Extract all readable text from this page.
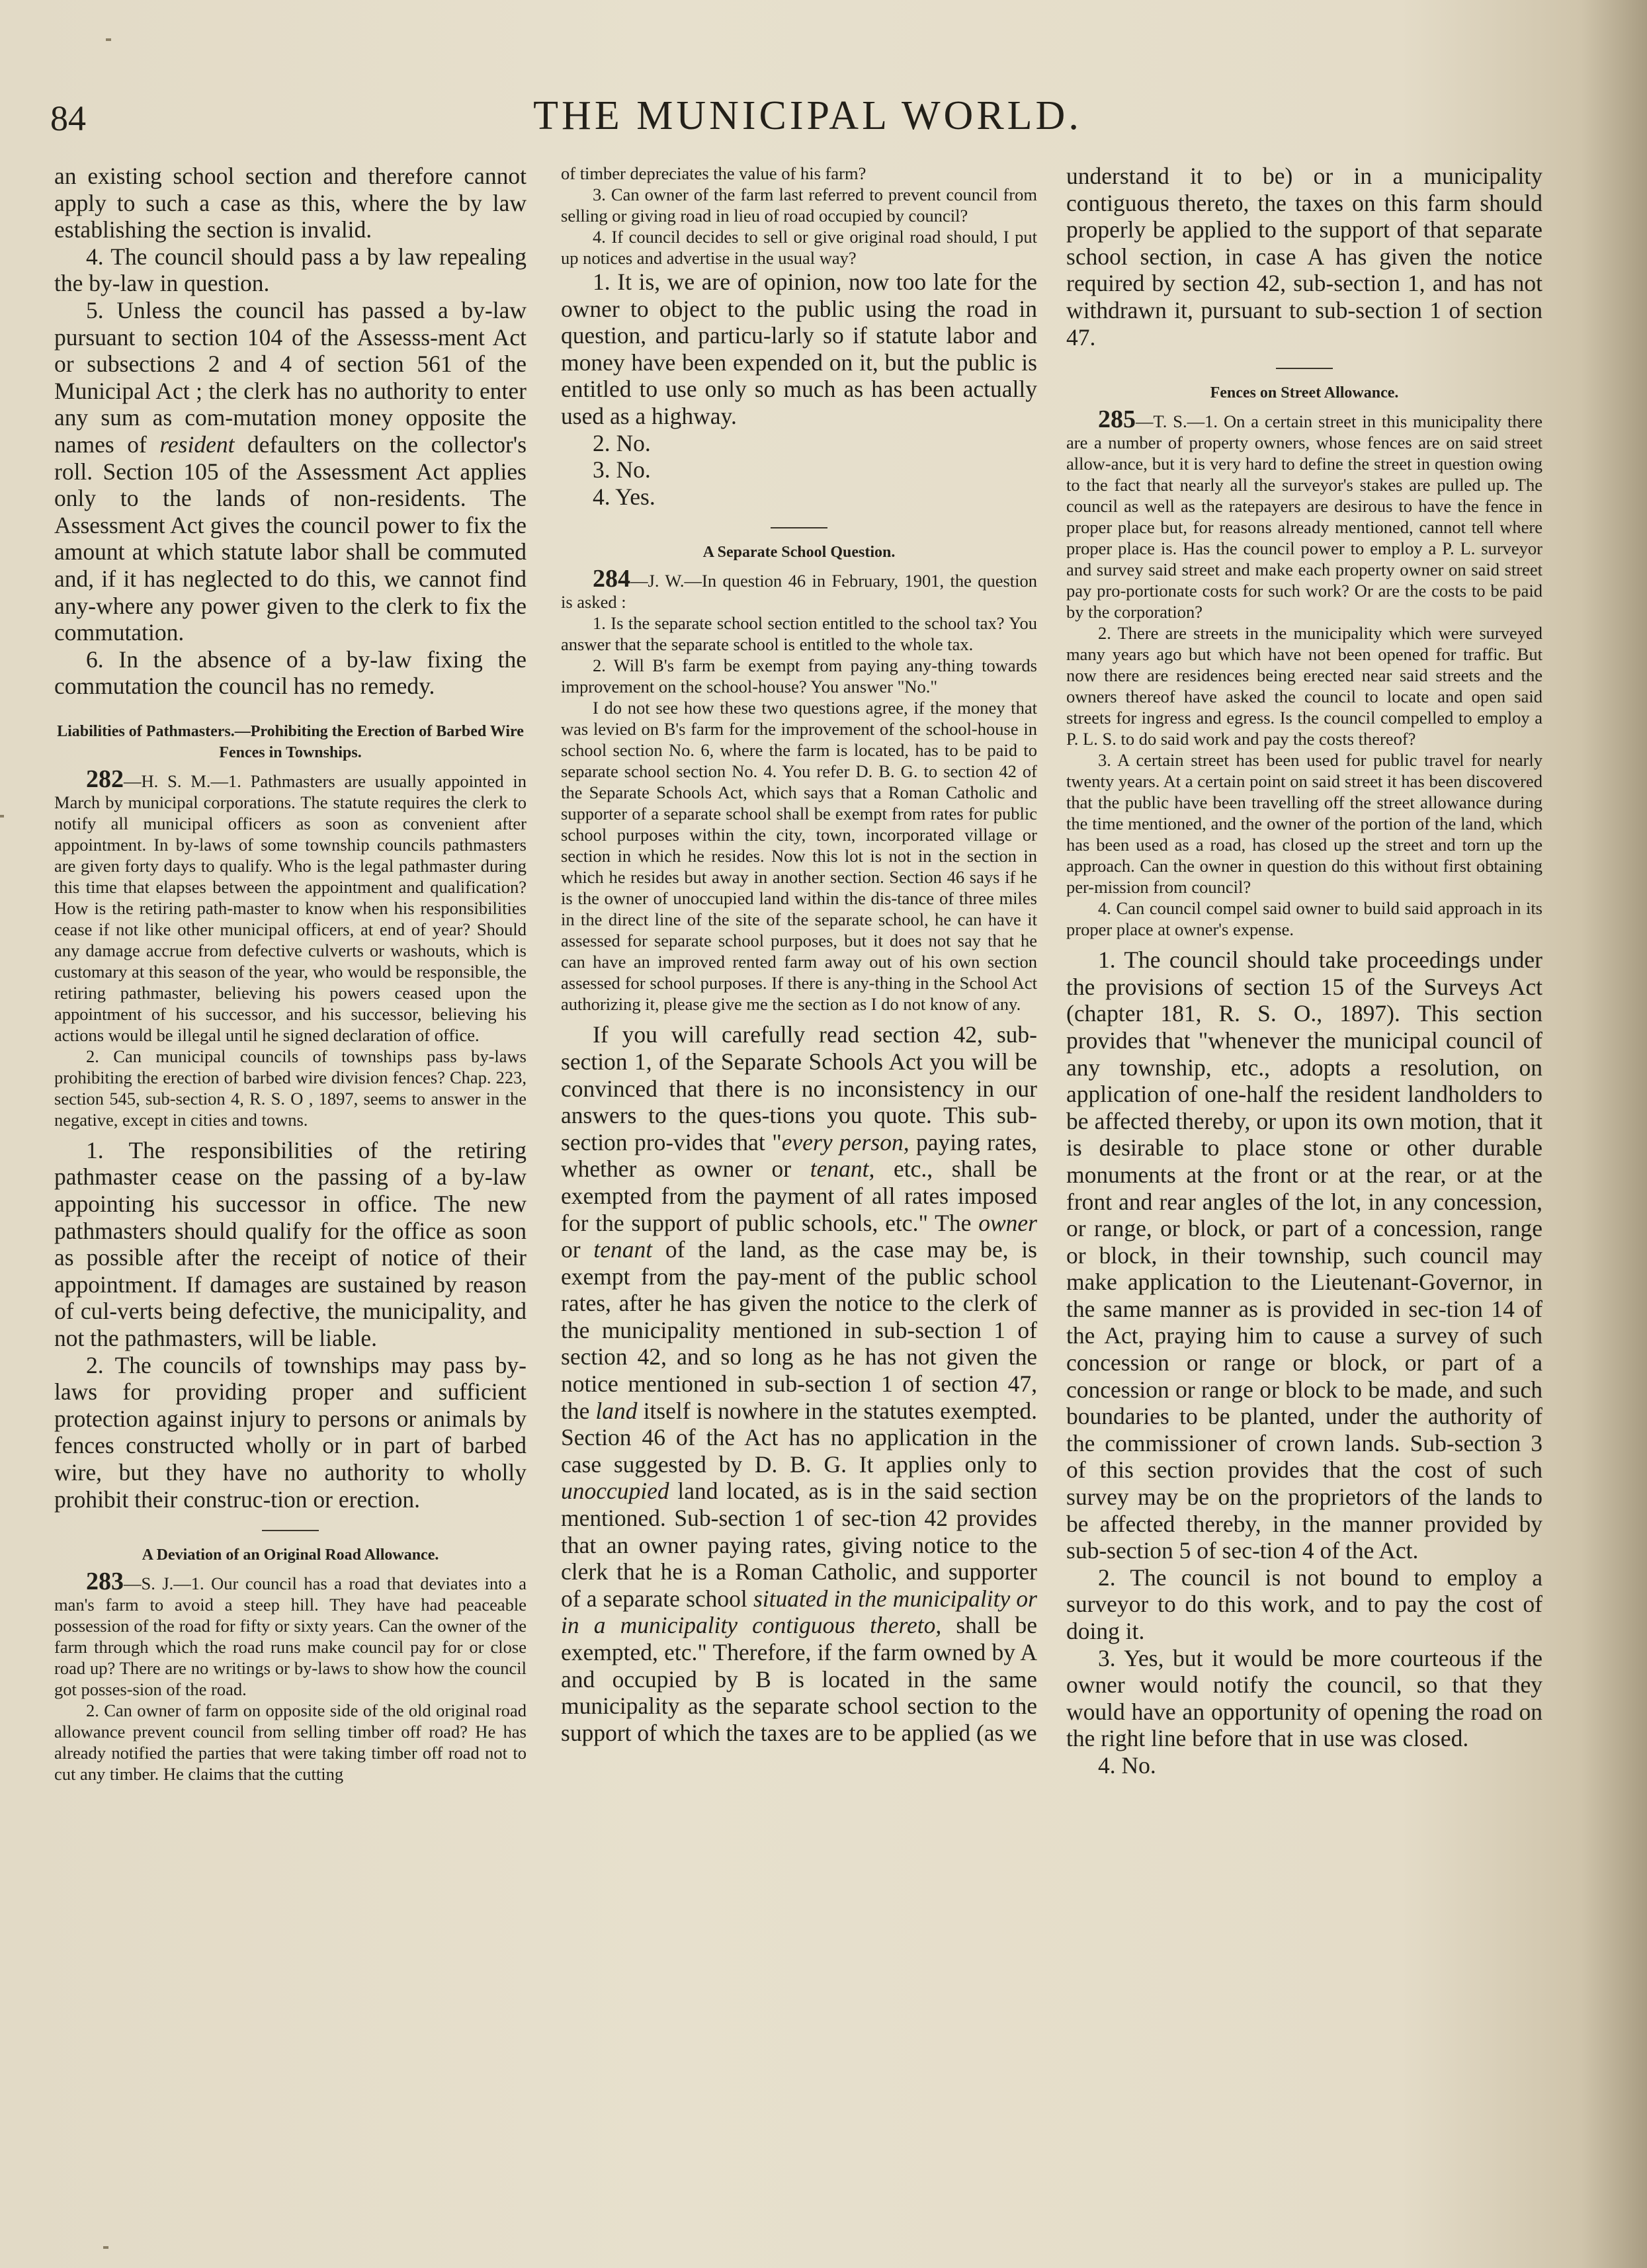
84	THE MUNICIPAL WORLD.

an existing school section and therefore cannot apply to such a case as this, where the by law establishing the section is invalid.

4. The council should pass a by law repealing the by-law in question.

5. Unless the council has passed a by-law pursuant to section 104 of the Assesss-ment Act or subsections 2 and 4 of section 561 of the Municipal Act ; the clerk has no authority to enter any sum as com-mutation money opposite the names of resident defaulters on the collector's roll. Section 105 of the Assessment Act applies only to the lands of non-residents. The Assessment Act gives the council power to fix the amount at which statute labor shall be commuted and, if it has neglected to do this, we cannot find any-where any power given to the clerk to fix the commutation.

6. In the absence of a by-law fixing the commutation the council has no remedy.

Liabilities of Pathmasters.—Prohibiting the Erection of Barbed Wire Fences in Townships.

282—H. S. M.—1. Pathmasters are usually appointed in March by municipal corporations. The statute requires the clerk to notify all municipal officers as soon as convenient after appointment. In by-laws of some township councils pathmasters are given forty days to qualify. Who is the legal pathmaster during this time that elapses between the appointment and qualification? How is the retiring path-master to know when his responsibilities cease if not like other municipal officers, at end of year? Should any damage accrue from defective culverts or washouts, which is customary at this season of the year, who would be responsible, the retiring pathmaster, believing his powers ceased upon the appointment of his successor, and his successor, believing his actions would be illegal until he signed declaration of office.

2. Can municipal councils of townships pass by-laws prohibiting the erection of barbed wire division fences? Chap. 223, section 545, sub-section 4, R. S. O , 1897, seems to answer in the negative, except in cities and towns.

1. The responsibilities of the retiring pathmaster cease on the passing of a by-law appointing his successor in office. The new pathmasters should qualify for the office as soon as possible after the receipt of notice of their appointment. If damages are sustained by reason of cul-verts being defective, the municipality, and not the pathmasters, will be liable.

2. The councils of townships may pass by-laws for providing proper and sufficient protection against injury to persons or animals by fences constructed wholly or in part of barbed wire, but they have no authority to wholly prohibit their construc-tion or erection.

A Deviation of an Original Road Allowance.

283—S. J.—1. Our council has a road that deviates into a man's farm to avoid a steep hill. They have had peaceable possession of the road for fifty or sixty years. Can the owner of the farm through which the road runs make council pay for or close road up? There are no writings or by-laws to show how the council got posses-sion of the road.

2. Can owner of farm on opposite side of the old original road allowance prevent council from selling timber off road? He has already notified the parties that were taking timber off road not to cut any timber. He claims that the cutting

of timber depreciates the value of his farm?

3. Can owner of the farm last referred to prevent council from selling or giving road in lieu of road occupied by council?

4. If council decides to sell or give original road should, I put up notices and advertise in the usual way?

1. It is, we are of opinion, now too late for the owner to object to the public using the road in question, and particu-larly so if statute labor and money have been expended on it, but the public is entitled to use only so much as has been actually used as a highway.

2. No.

3. No.

4. Yes.

A Separate School Question.

284—J. W.—In question 46 in February, 1901, the question is asked :

1. Is the separate school section entitled to the school tax? You answer that the separate school is entitled to the whole tax.

2. Will B's farm be exempt from paying any-thing towards improvement on the school-house? You answer "No."

I do not see how these two questions agree, if the money that was levied on B's farm for the improvement of the school-house in school section No. 6, where the farm is located, has to be paid to separate school section No. 4. You refer D. B. G. to section 42 of the Separate Schools Act, which says that a Roman Catholic and supporter of a separate school shall be exempt from rates for public school purposes within the city, town, incorporated village or section in which he resides. Now this lot is not in the section in which he resides but away in another section. Section 46 says if he is the owner of unoccupied land within the dis-tance of three miles in the direct line of the site of the separate school, he can have it assessed for separate school purposes, but it does not say that he can have an improved rented farm away out of his own section assessed for school purposes. If there is any-thing in the School Act authorizing it, please give me the section as I do not know of any.

If you will carefully read section 42, sub-section 1, of the Separate Schools Act you will be convinced that there is no inconsistency in our answers to the ques-tions you quote. This sub-section pro-vides that "every person, paying rates, whether as owner or tenant, etc., shall be exempted from the payment of all rates imposed for the support of public schools, etc." The owner or tenant of the land, as the case may be, is exempt from the pay-ment of the public school rates, after he has given the notice to the clerk of the municipality mentioned in sub-section 1 of section 42, and so long as he has not given the notice mentioned in sub-section 1 of section 47, the land itself is nowhere in the statutes exempted. Section 46 of the Act has no application in the case suggested by D. B. G. It applies only to unoccupied land located, as is in the said section mentioned. Sub-section 1 of sec-tion 42 provides that an owner paying rates, giving notice to the clerk that he is a Roman Catholic, and supporter of a separate school situated in the municipality or in a municipality contiguous thereto, shall be exempted, etc." Therefore, if the farm owned by A and occupied by B is located in the same municipality as the separate school section to the support of which the taxes are to be applied (as we

understand it to be) or in a municipality contiguous thereto, the taxes on this farm should properly be applied to the support of that separate school section, in case A has given the notice required by section 42, sub-section 1, and has not withdrawn it, pursuant to sub-section 1 of section 47.

Fences on Street Allowance.

285—T. S.—1. On a certain street in this municipality there are a number of property owners, whose fences are on said street allow-ance, but it is very hard to define the street in question owing to the fact that nearly all the surveyor's stakes are pulled up. The council as well as the ratepayers are desirous to have the fence in proper place but, for reasons already mentioned, cannot tell where proper place is. Has the council power to employ a P. L. surveyor and survey said street and make each property owner on said street pay pro-portionate costs for such work? Or are the costs to be paid by the corporation?

2. There are streets in the municipality which were surveyed many years ago but which have not been opened for traffic. But now there are residences being erected near said streets and the owners thereof have asked the council to locate and open said streets for ingress and egress. Is the council compelled to employ a P. L. S. to do said work and pay the costs thereof?

3. A certain street has been used for public travel for nearly twenty years. At a certain point on said street it has been discovered that the public have been travelling off the street allowance during the time mentioned, and the owner of the portion of the land, which has been used as a road, has closed up the street and torn up the approach. Can the owner in question do this without first obtaining per-mission from council?

4. Can council compel said owner to build said approach in its proper place at owner's expense.

1. The council should take proceedings under the provisions of section 15 of the Surveys Act (chapter 181, R. S. O., 1897). This section provides that "whenever the municipal council of any township, etc., adopts a resolution, on application of one-half the resident landholders to be affected thereby, or upon its own motion, that it is desirable to place stone or other durable monuments at the front or at the rear, or at the front and rear angles of the lot, in any concession, or range, or block, or part of a concession, range or block, in their township, such council may make application to the Lieutenant-Governor, in the same manner as is provided in sec-tion 14 of the Act, praying him to cause a survey of such concession or range or block, or part of a concession or range or block to be made, and such boundaries to be planted, under the authority of the commissioner of crown lands. Sub-section 3 of this section provides that the cost of such survey may be on the proprietors of the lands to be affected thereby, in the manner provided by sub-section 5 of sec-tion 4 of the Act.

2. The council is not bound to employ a surveyor to do this work, and to pay the cost of doing it.

3. Yes, but it would be more courteous if the owner would notify the council, so that they would have an opportunity of opening the road on the right line before that in use was closed.

4. No.
